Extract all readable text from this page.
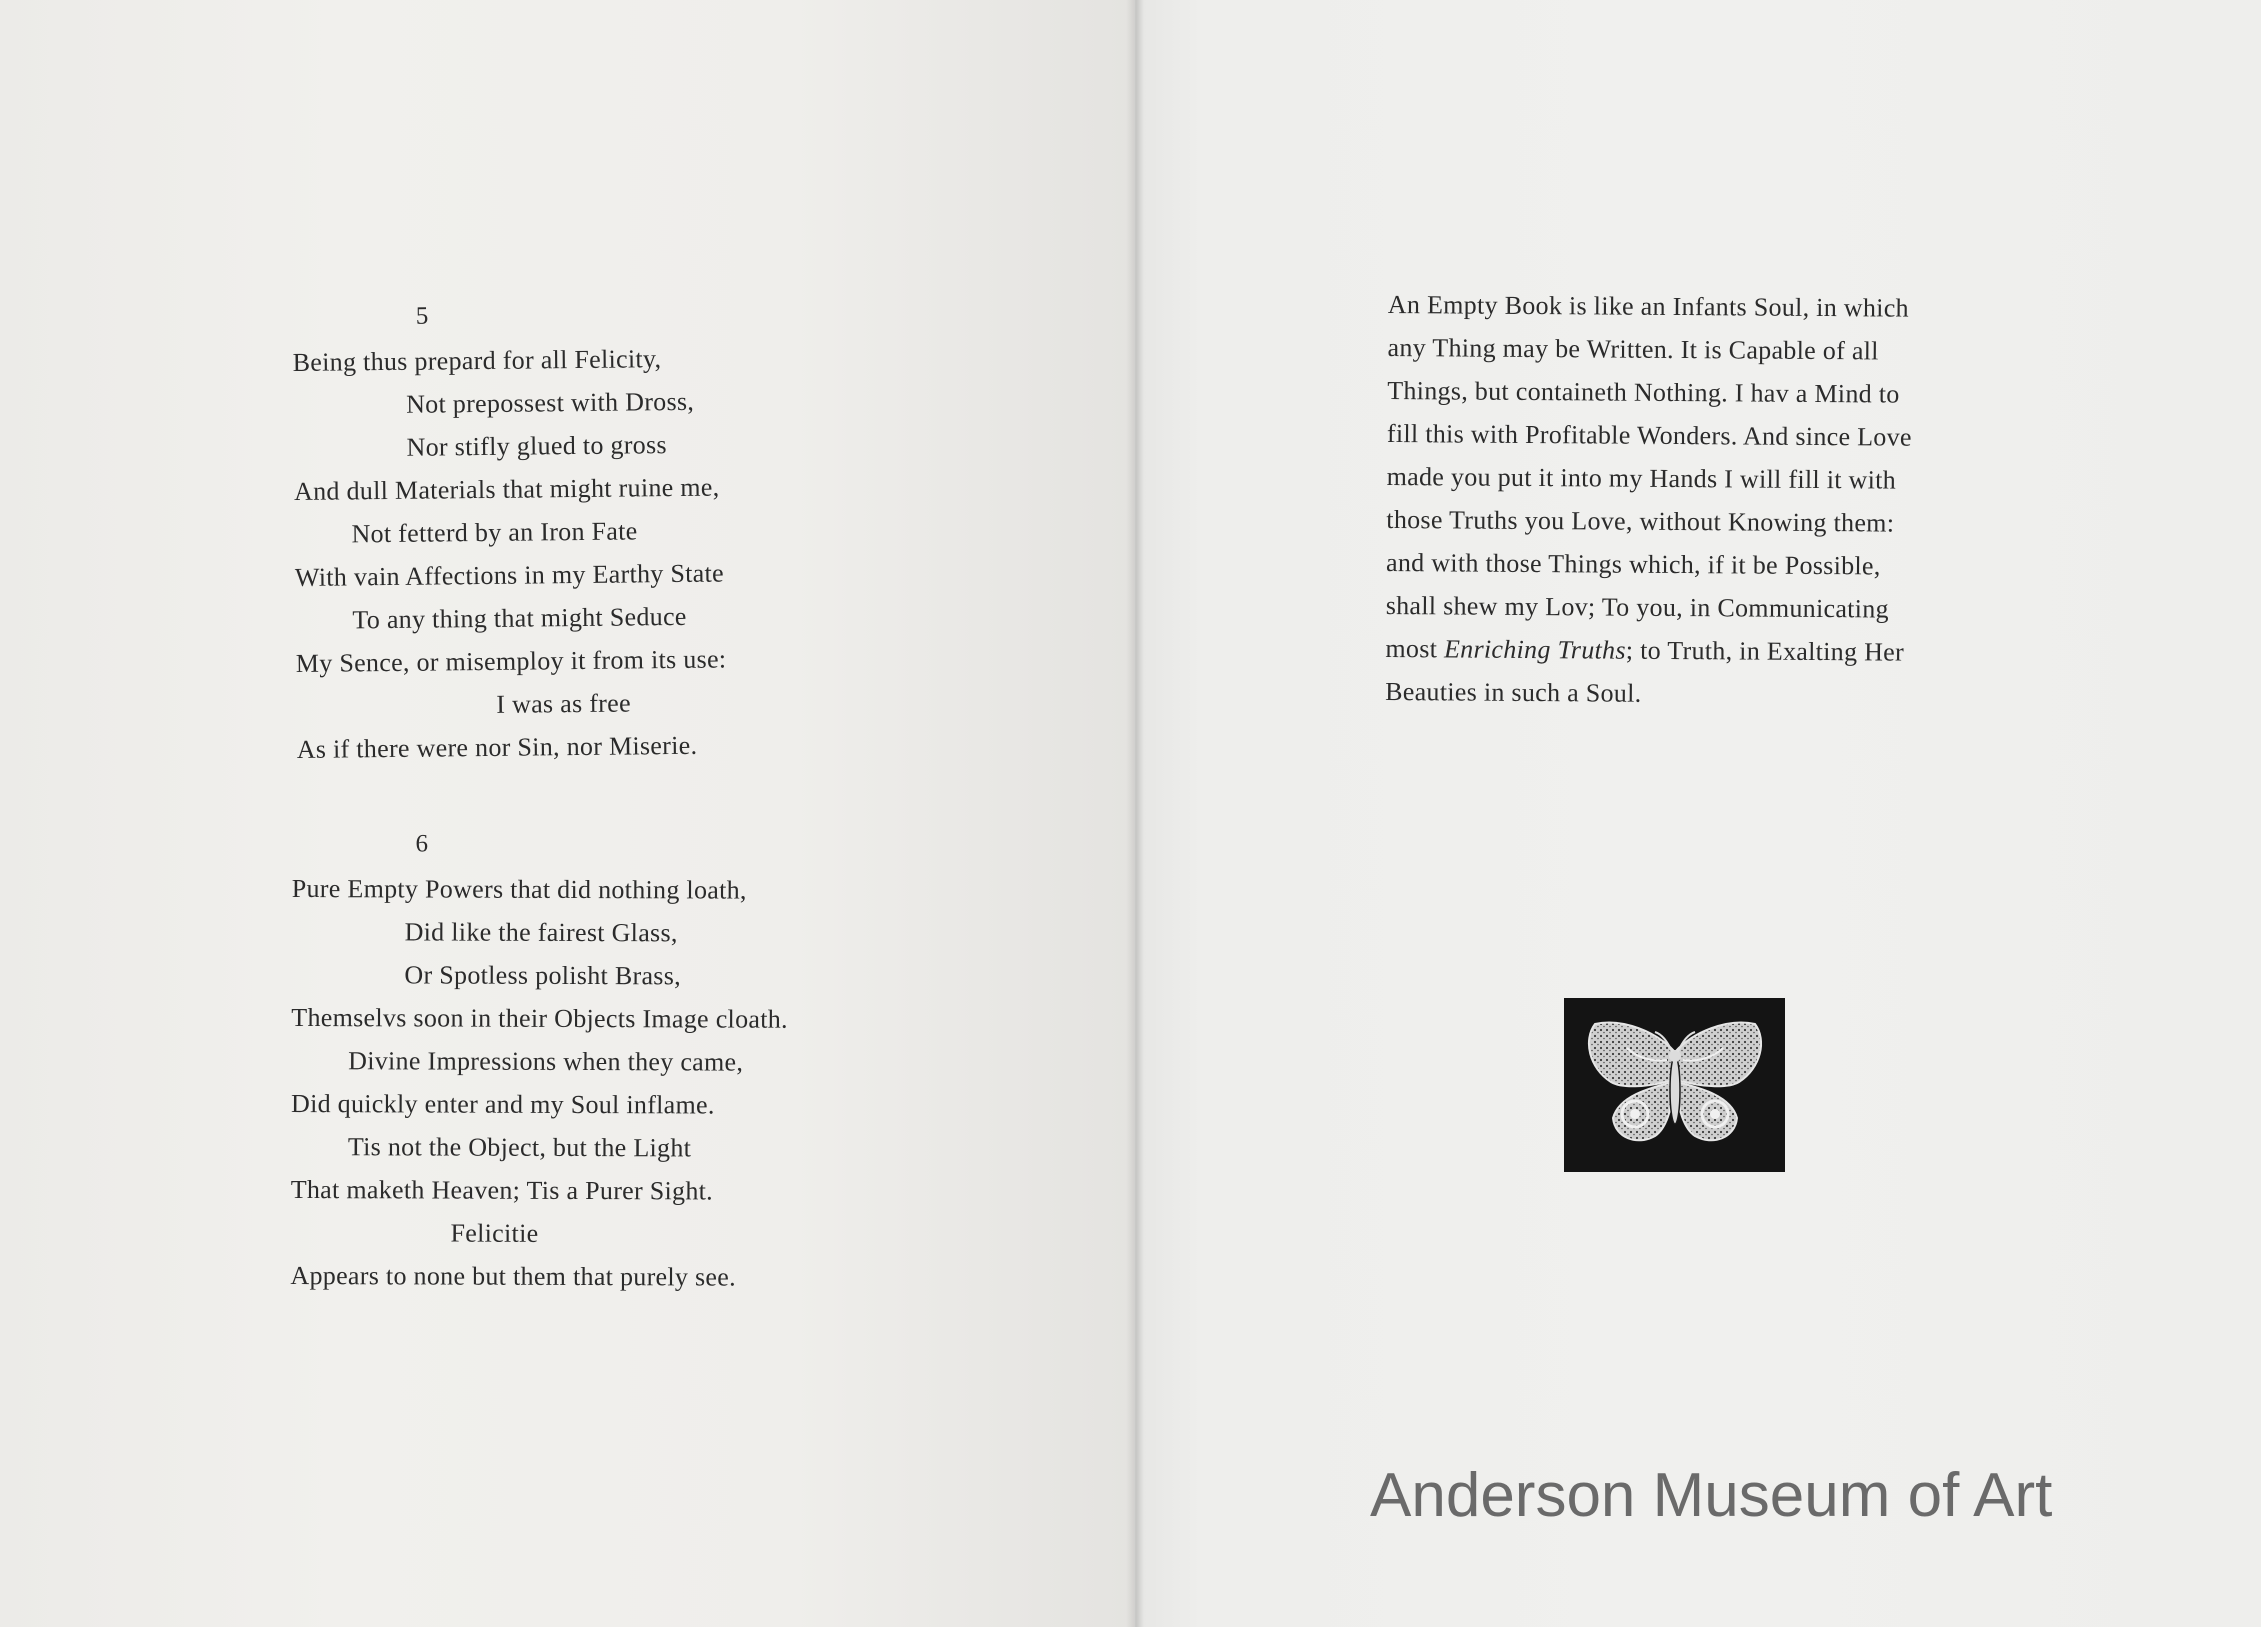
5
Being thus prepard for all Felicity,
Not prepossest with Dross,
Nor stifly glued to gross
And dull Materials that might ruine me,
Not fetterd by an Iron Fate
With vain Affections in my Earthy State
To any thing that might Seduce
My Sence, or misemploy it from its use:
I was as free
As if there were nor Sin, nor Miserie.
6
Pure Empty Powers that did nothing loath,
Did like the fairest Glass,
Or Spotless polisht Brass,
Themselvs soon in their Objects Image cloath.
Divine Impressions when they came,
Did quickly enter and my Soul inflame.
Tis not the Object, but the Light
That maketh Heaven; Tis a Purer Sight.
Felicitie
Appears to none but them that purely see.
An Empty Book is like an Infants Soul, in which
any Thing may be Written. It is Capable of all
Things, but containeth Nothing. I hav a Mind to
fill this with Profitable Wonders. And since Love
made you put it into my Hands I will fill it with
those Truths you Love, without Knowing them:
and with those Things which, if it be Possible,
shall shew my Lov; To you, in Communicating
most Enriching Truths; to Truth, in Exalting Her
Beauties in such a Soul.
Anderson Museum of Art
